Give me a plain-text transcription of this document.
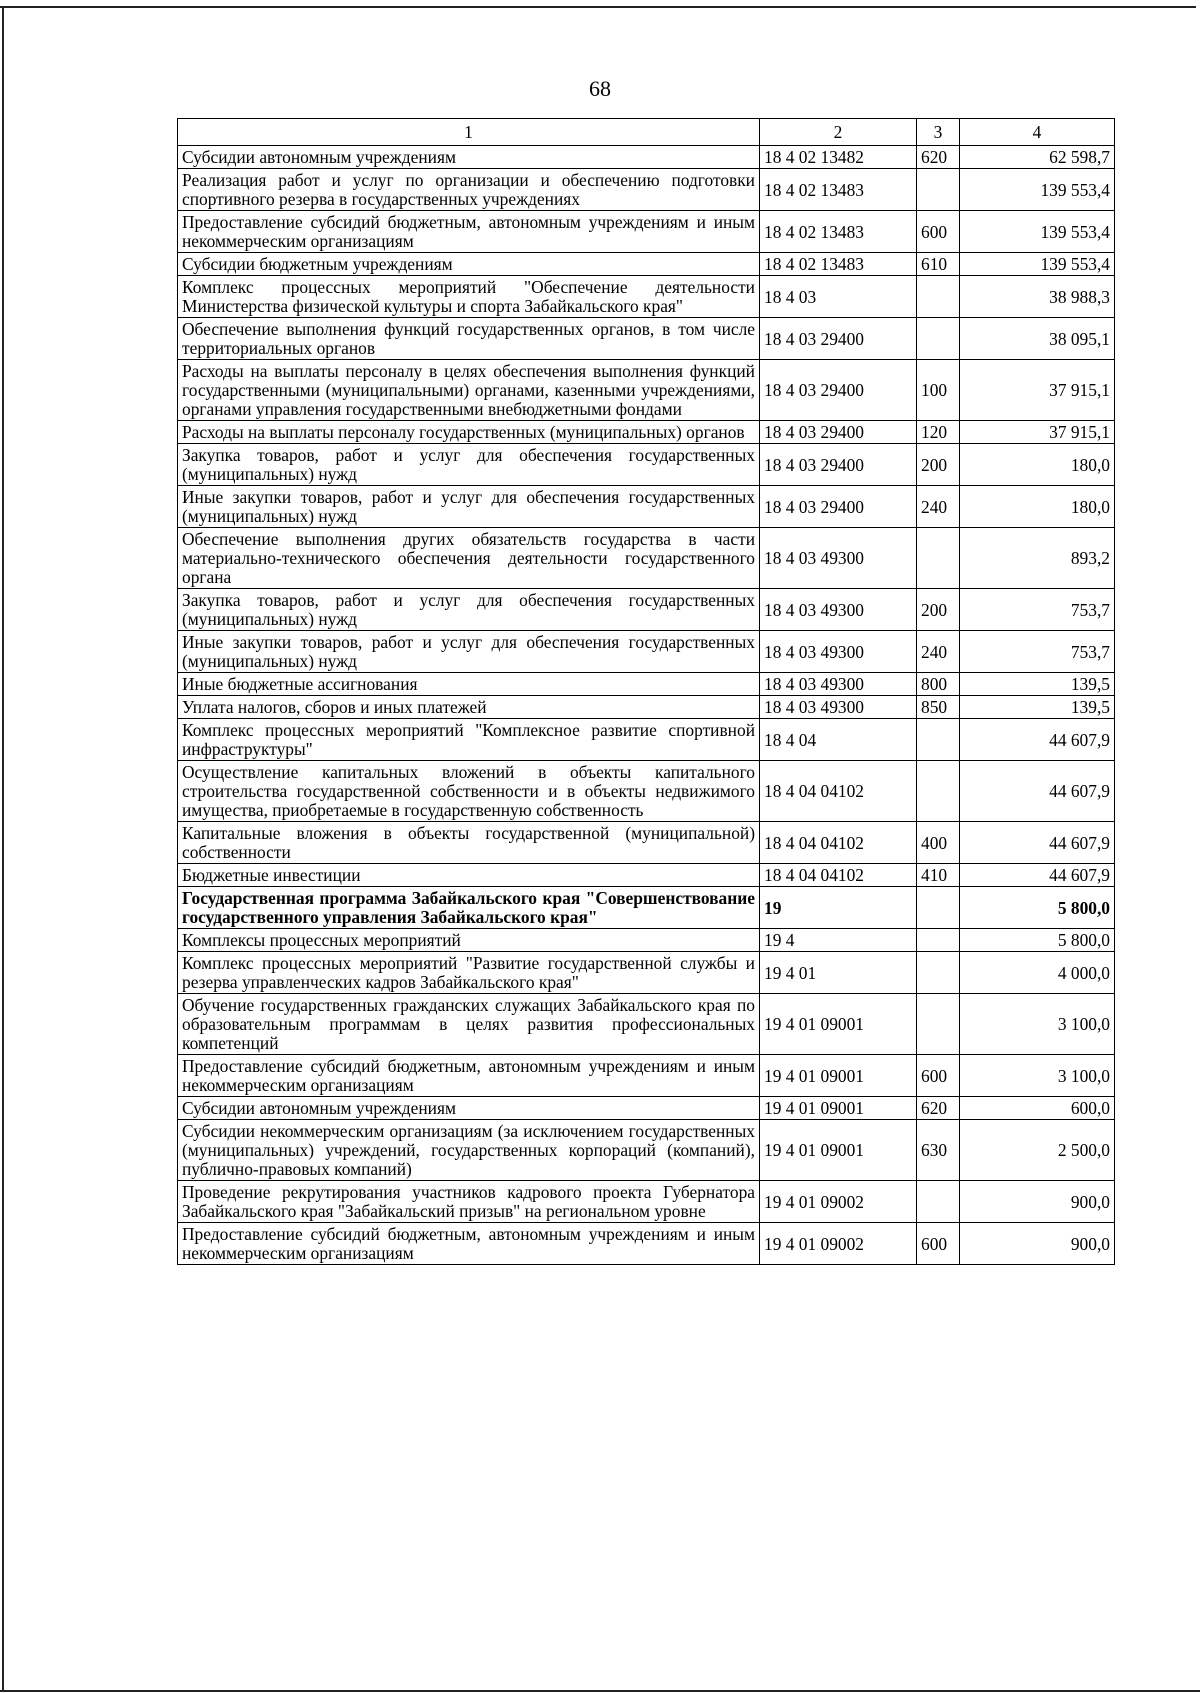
68
1	2	3	4
Субсидии автономным учреждениям	18 4 02 13482	620	62 598,7
Реализация работ и услуг по организации и обеспечению подготовки спортивного резерва в государственных учреждениях	18 4 02 13483		139 553,4
Предоставление субсидий бюджетным, автономным учреждениям и иным некоммерческим организациям	18 4 02 13483	600	139 553,4
Субсидии бюджетным учреждениям	18 4 02 13483	610	139 553,4
Комплекс процессных мероприятий "Обеспечение деятельности Министерства физической культуры и спорта Забайкальского края"	18 4 03		38 988,3
Обеспечение выполнения функций государственных органов, в том числе территориальных органов	18 4 03 29400		38 095,1
Расходы на выплаты персоналу в целях обеспечения выполнения функций государственными (муниципальными) органами, казенными учреждениями, органами управления государственными внебюджетными фондами	18 4 03 29400	100	37 915,1
Расходы на выплаты персоналу государственных (муниципальных) органов	18 4 03 29400	120	37 915,1
Закупка товаров, работ и услуг для обеспечения государственных (муниципальных) нужд	18 4 03 29400	200	180,0
Иные закупки товаров, работ и услуг для обеспечения государственных (муниципальных) нужд	18 4 03 29400	240	180,0
Обеспечение выполнения других обязательств государства в части материально-технического обеспечения деятельности государственного органа	18 4 03 49300		893,2
Закупка товаров, работ и услуг для обеспечения государственных (муниципальных) нужд	18 4 03 49300	200	753,7
Иные закупки товаров, работ и услуг для обеспечения государственных (муниципальных) нужд	18 4 03 49300	240	753,7
Иные бюджетные ассигнования	18 4 03 49300	800	139,5
Уплата налогов, сборов и иных платежей	18 4 03 49300	850	139,5
Комплекс процессных мероприятий "Комплексное развитие спортивной инфраструктуры"	18 4 04		44 607,9
Осуществление капитальных вложений в объекты капитального строительства государственной собственности и в объекты недвижимого имущества, приобретаемые в государственную собственность	18 4 04 04102		44 607,9
Капитальные вложения в объекты государственной (муниципальной) собственности	18 4 04 04102	400	44 607,9
Бюджетные инвестиции	18 4 04 04102	410	44 607,9
Государственная программа Забайкальского края "Совершенствование государственного управления Забайкальского края"	19		5 800,0
Комплексы процессных мероприятий	19 4		5 800,0
Комплекс процессных мероприятий "Развитие государственной службы и резерва управленческих кадров Забайкальского края"	19 4 01		4 000,0
Обучение государственных гражданских служащих Забайкальского края по образовательным программам в целях развития профессиональных компетенций	19 4 01 09001		3 100,0
Предоставление субсидий бюджетным, автономным учреждениям и иным некоммерческим организациям	19 4 01 09001	600	3 100,0
Субсидии автономным учреждениям	19 4 01 09001	620	600,0
Субсидии некоммерческим организациям (за исключением государственных (муниципальных) учреждений, государственных корпораций (компаний), публично-правовых компаний)	19 4 01 09001	630	2 500,0
Проведение рекрутирования участников кадрового проекта Губернатора Забайкальского края "Забайкальский призыв" на региональном уровне	19 4 01 09002		900,0
Предоставление субсидий бюджетным, автономным учреждениям и иным некоммерческим организациям	19 4 01 09002	600	900,0
